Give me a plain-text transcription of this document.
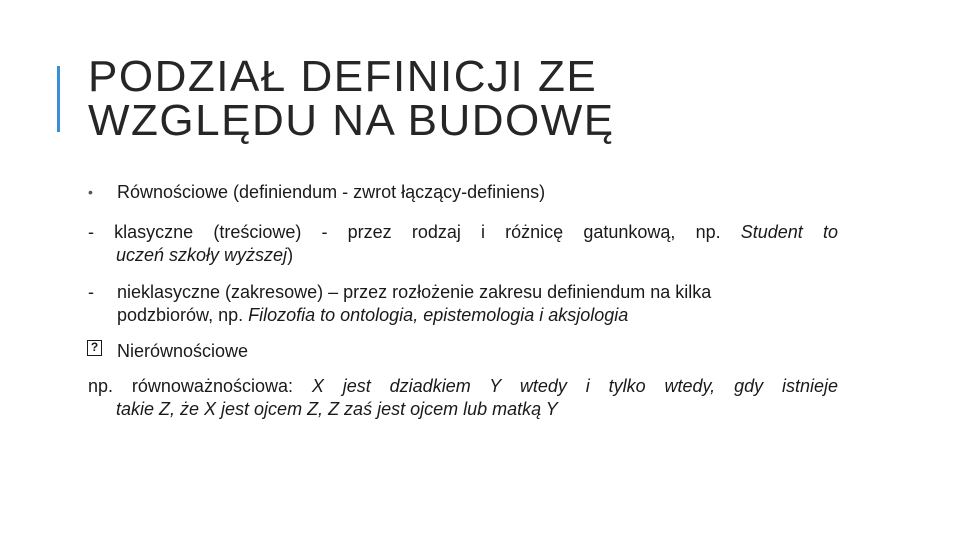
PODZIAŁ DEFINICJI ZE
WZGLĘDU NA BUDOWĘ
• Równościowe (definiendum - zwrot łączący-definiens)
- klasyczne (treściowe) - przez rodzaj i różnicę gatunkową, np. Student to
uczeń szkoły wyższej)
- nieklasyczne (zakresowe) – przez rozłożenie zakresu definiendum na kilka
podzbiorów, np. Filozofia to ontologia, epistemologia i aksjologia
? Nierównościowe
np. równoważnościowa: X jest dziadkiem Y wtedy i tylko wtedy, gdy istnieje
takie Z, że X jest ojcem Z, Z zaś jest ojcem lub matką Y
